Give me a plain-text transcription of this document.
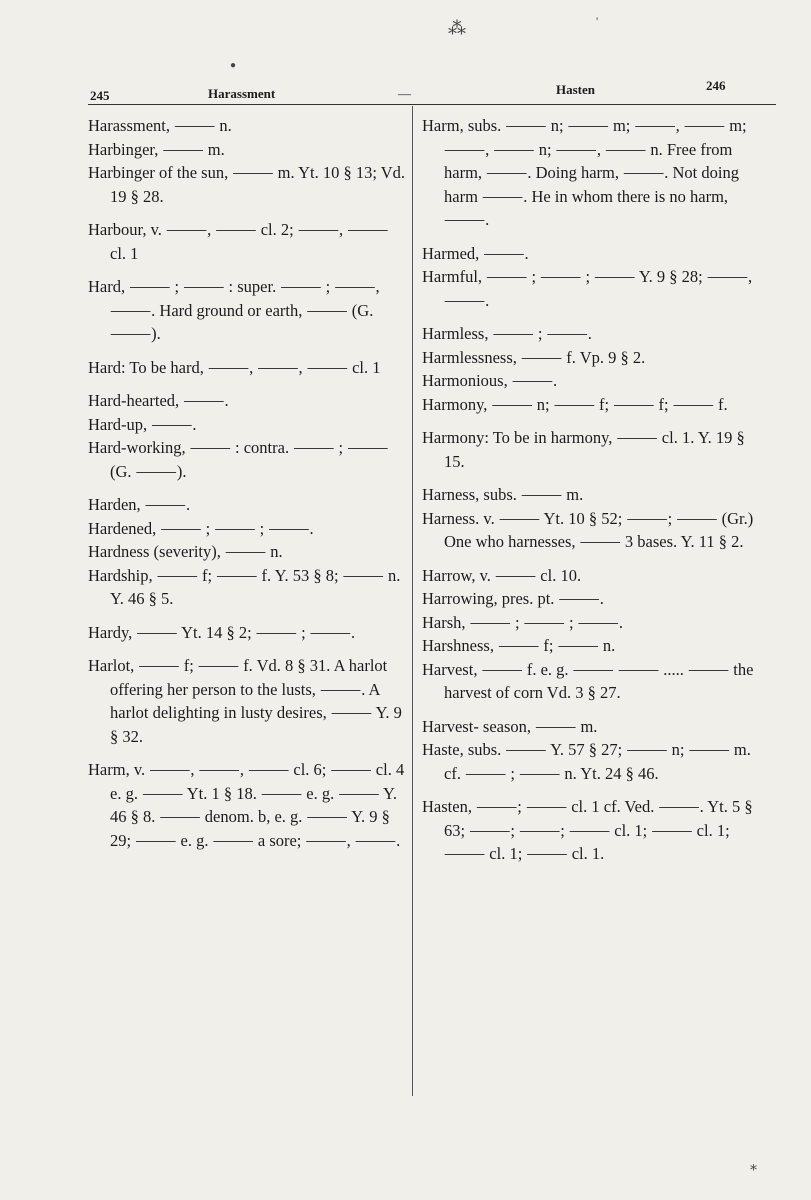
245	Harassment	—	Hasten	246
Harassment, ⸻ n.
Harbinger, ⸻ m.
Harbinger of the sun, ⸻ m. Yt. 10 § 13; Vd. 19 § 28.
Harbour, v. ⸻, ⸻ cl. 2; ⸻, ⸻ cl. 1
Hard, ⸻ ; ⸻ : super. ⸻ ; ⸻, ⸻. Hard ground or earth, ⸻ (G. ⸻).
Hard: To be hard, ⸻, ⸻, ⸻ cl. 1
Hard-hearted, ⸻.
Hard-up, ⸻.
Hard-working, ⸻ : contra. ⸻ ; ⸻ (G. ⸻).
Harden, ⸻.
Hardened, ⸻ ; ⸻ ; ⸻.
Hardness (severity), ⸻ n.
Hardship, ⸻ f; ⸻ f. Y. 53 § 8; ⸻ n. Y. 46 § 5.
Hardy, ⸻ Yt. 14 § 2; ⸻ ; ⸻.
Harlot, ⸻ f; ⸻ f. Vd. 8 § 31. A harlot offering her person to the lusts, ⸻. A harlot delighting in lusty desires, ⸻ Y. 9 § 32.
Harm, v. ⸻, ⸻, ⸻ cl. 6; ⸻ cl. 4 e. g. ⸻ Yt. 1 § 18. ⸻ e. g. ⸻ Y. 46 § 8. ⸻ denom. b, e. g. ⸻ Y. 9 § 29; ⸻ e. g. ⸻ a sore; ⸻, ⸻.
Harm, subs. ⸻ n; ⸻ m; ⸻, ⸻ m; ⸻, ⸻ n; ⸻, ⸻ n. Free from harm, ⸻. Doing harm, ⸻. Not doing harm ⸻. He in whom there is no harm, ⸻.
Harmed, ⸻.
Harmful, ⸻ ; ⸻ ; ⸻ Y. 9 § 28; ⸻, ⸻.
Harmless, ⸻ ; ⸻.
Harmlessness, ⸻ f. Vp. 9 § 2.
Harmonious, ⸻.
Harmony, ⸻ n; ⸻ f; ⸻ f; ⸻ f.
Harmony: To be in harmony, ⸻ cl. 1. Y. 19 § 15.
Harness, subs. ⸻ m.
Harness. v. ⸻ Yt. 10 § 52; ⸻; ⸻ (Gr.) One who harnesses, ⸻ 3 bases. Y. 11 § 2.
Harrow, v. ⸻ cl. 10.
Harrowing, pres. pt. ⸻.
Harsh, ⸻ ; ⸻ ; ⸻.
Harshness, ⸻ f; ⸻ n.
Harvest, ⸻ f. e. g. ⸻ ⸻ ..... ⸻ the harvest of corn Vd. 3 § 27.
Harvest- season, ⸻ m.
Haste, subs. ⸻ Y. 57 § 27; ⸻ n; ⸻ m. cf. ⸻ ; ⸻ n. Yt. 24 § 46.
Hasten, ⸻; ⸻ cl. 1 cf. Ved. ⸻. Yt. 5 § 63; ⸻; ⸻; ⸻ cl. 1; ⸻ cl. 1; ⸻ cl. 1; ⸻ cl. 1.
⁂
●
'
⁎
